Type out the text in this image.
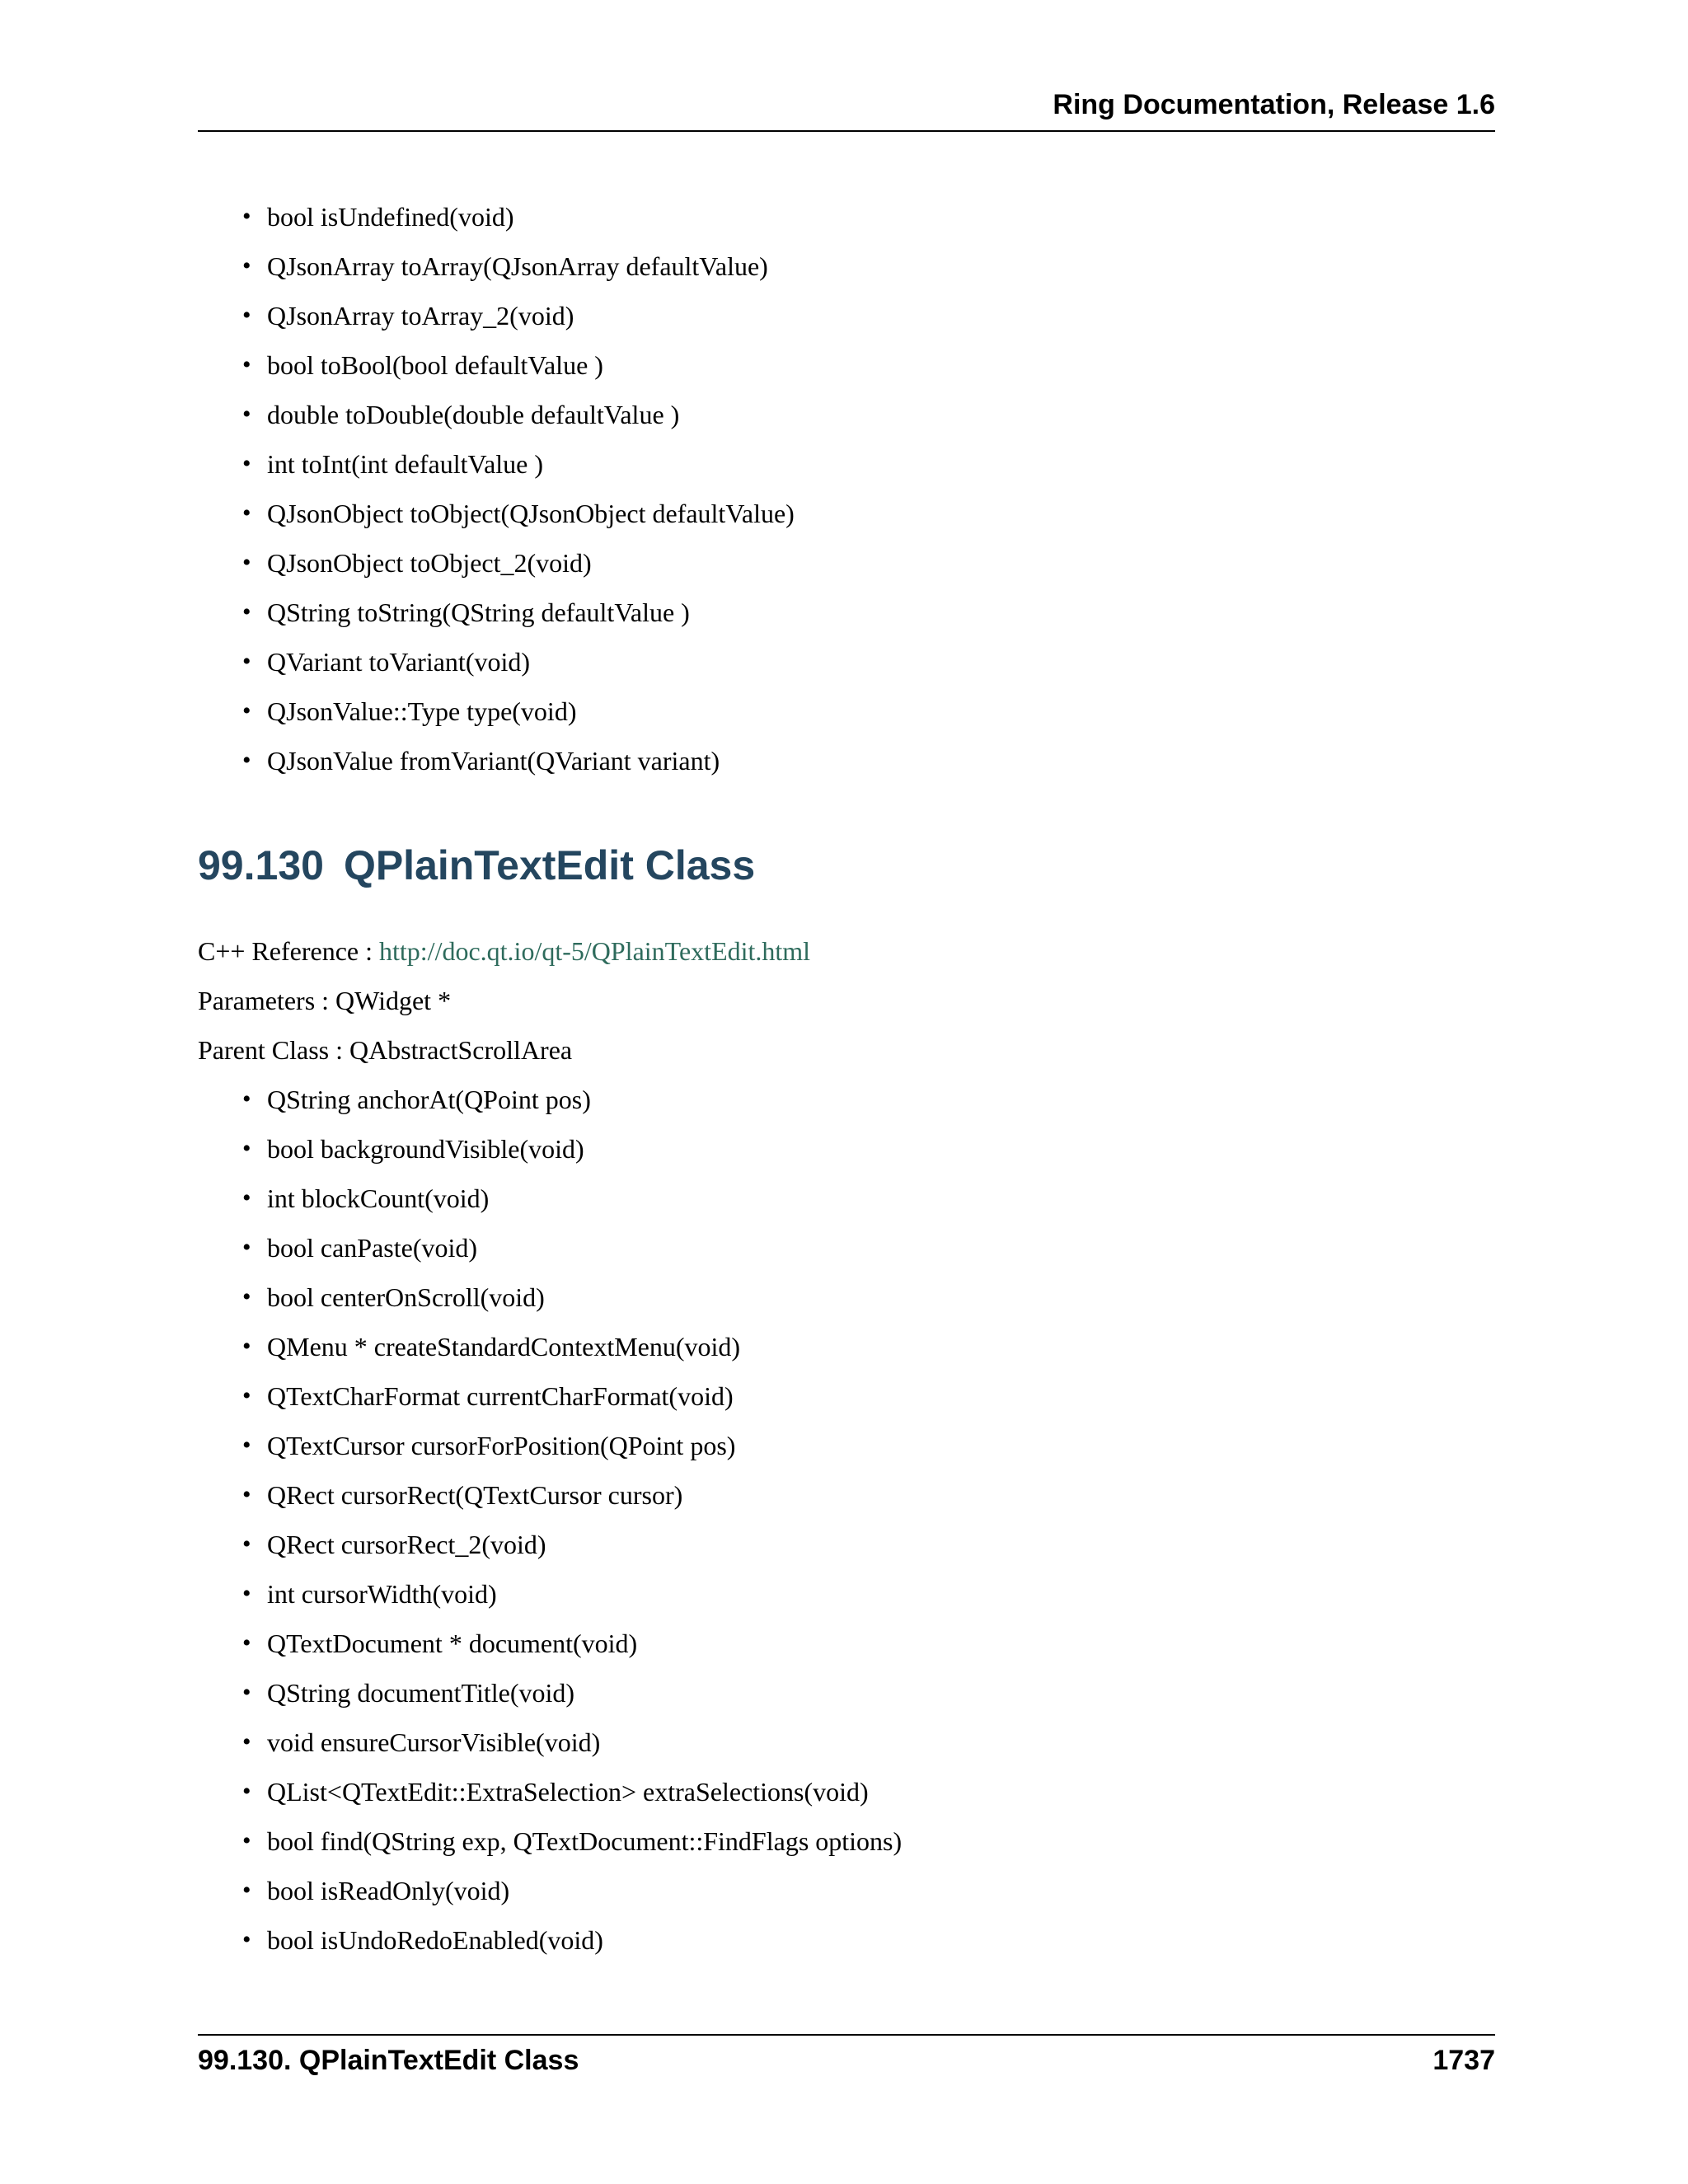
Ring Documentation, Release 1.6
• bool isUndefined(void)
• QJsonArray toArray(QJsonArray defaultValue)
• QJsonArray toArray_2(void)
• bool toBool(bool defaultValue )
• double toDouble(double defaultValue )
• int toInt(int defaultValue )
• QJsonObject toObject(QJsonObject defaultValue)
• QJsonObject toObject_2(void)
• QString toString(QString defaultValue )
• QVariant toVariant(void)
• QJsonValue::Type type(void)
• QJsonValue fromVariant(QVariant variant)
99.130 QPlainTextEdit Class
C++ Reference : http://doc.qt.io/qt-5/QPlainTextEdit.html
Parameters : QWidget *
Parent Class : QAbstractScrollArea
• QString anchorAt(QPoint pos)
• bool backgroundVisible(void)
• int blockCount(void)
• bool canPaste(void)
• bool centerOnScroll(void)
• QMenu * createStandardContextMenu(void)
• QTextCharFormat currentCharFormat(void)
• QTextCursor cursorForPosition(QPoint pos)
• QRect cursorRect(QTextCursor cursor)
• QRect cursorRect_2(void)
• int cursorWidth(void)
• QTextDocument * document(void)
• QString documentTitle(void)
• void ensureCursorVisible(void)
• QList<QTextEdit::ExtraSelection> extraSelections(void)
• bool find(QString exp, QTextDocument::FindFlags options)
• bool isReadOnly(void)
• bool isUndoRedoEnabled(void)
99.130. QPlainTextEdit Class	1737
